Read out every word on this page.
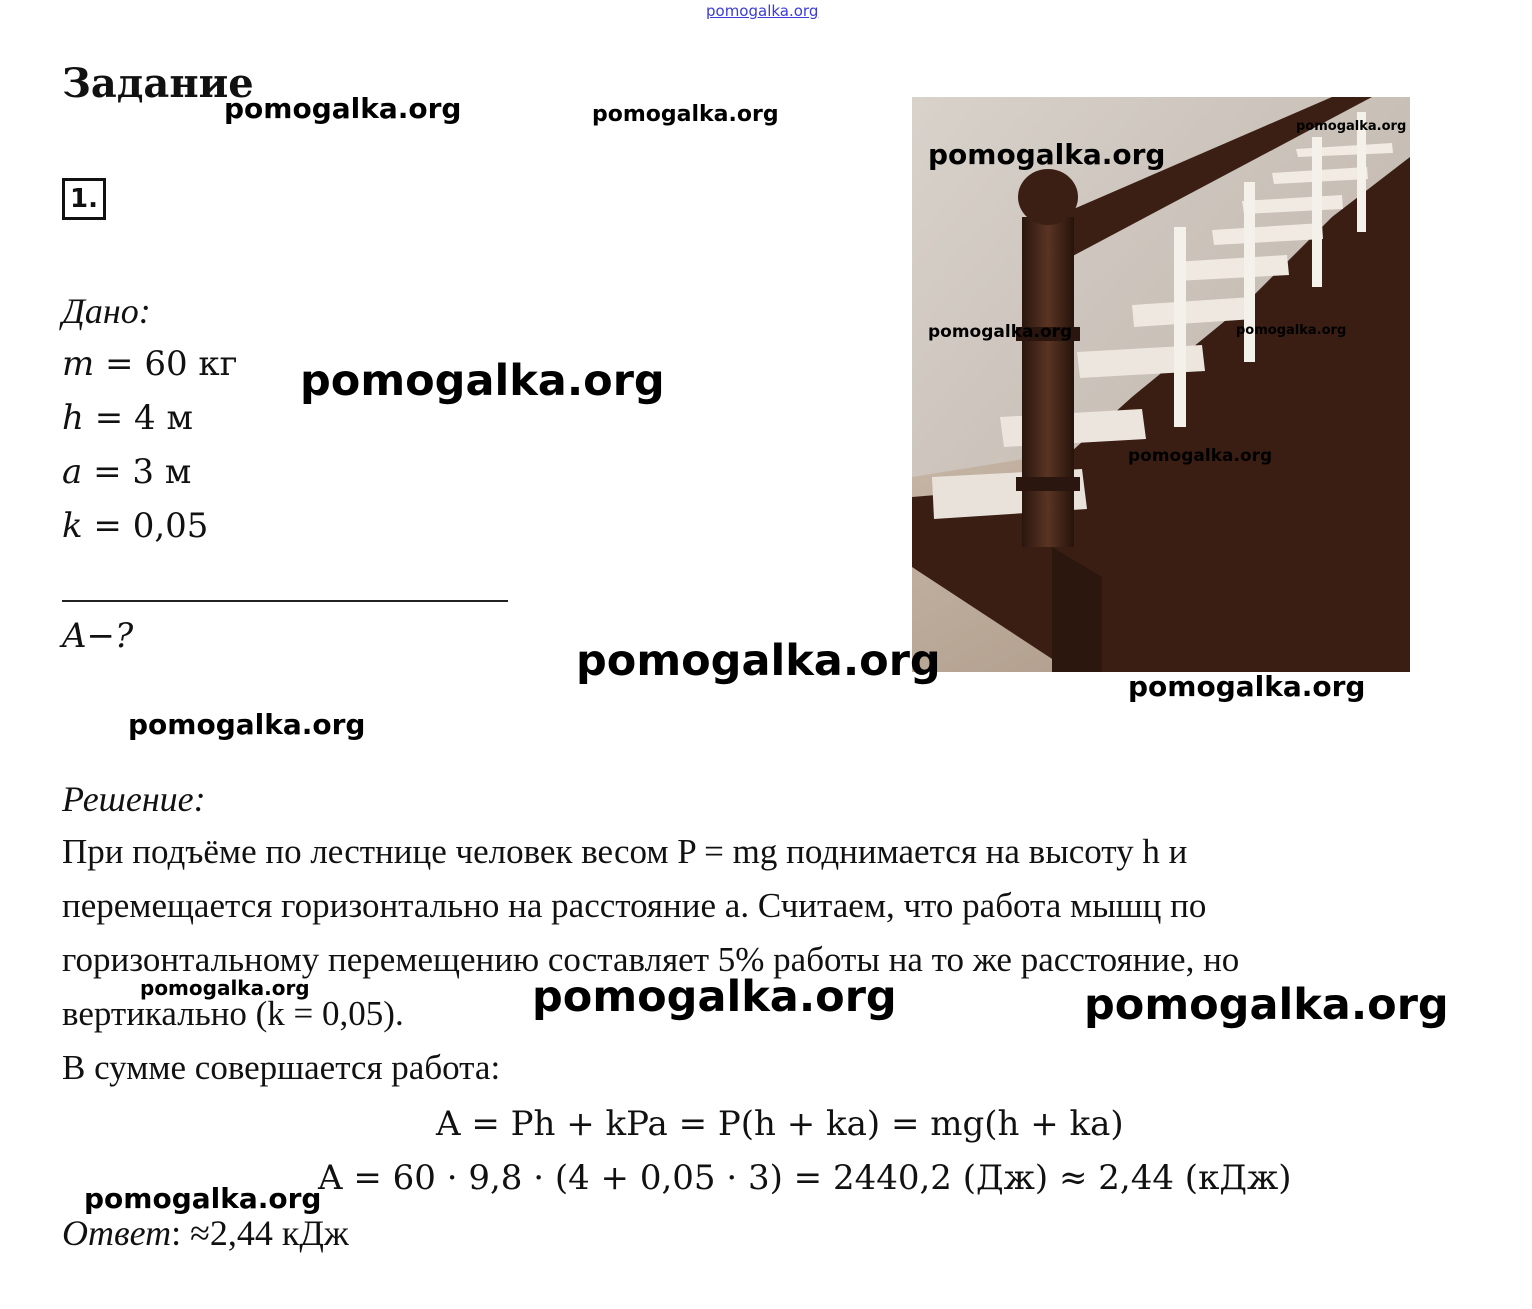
pomogalka.org
Задание
1.
Дано:
m = 60 кг
h = 4 м
a = 3 м
k = 0,05
A−?
Решение:
При подъёме по лестнице человек весом P = mg поднимается на высоту h и
перемещается горизонтально на расстояние a. Считаем, что работа мышц по
горизонтальному перемещению составляет 5% работы на то же расстояние, но
вертикально (k = 0,05).
В сумме совершается работа:
A = Ph + kPa = P(h + ka) = mg(h + ka)
A = 60 · 9,8 · (4 + 0,05 · 3) = 2440,2 (Дж) ≈ 2,44 (кДж)
Ответ: ≈2,44 кДж
pomogalka.org	pomogalka.org
pomogalka.org
pomogalka.org
pomogalka.org	pomogalka.org
pomogalka.org
pomogalka.org
pomogalka.org
pomogalka.org
pomogalka.org
pomogalka.org	pomogalka.org	pomogalka.org
pomogalka.org
